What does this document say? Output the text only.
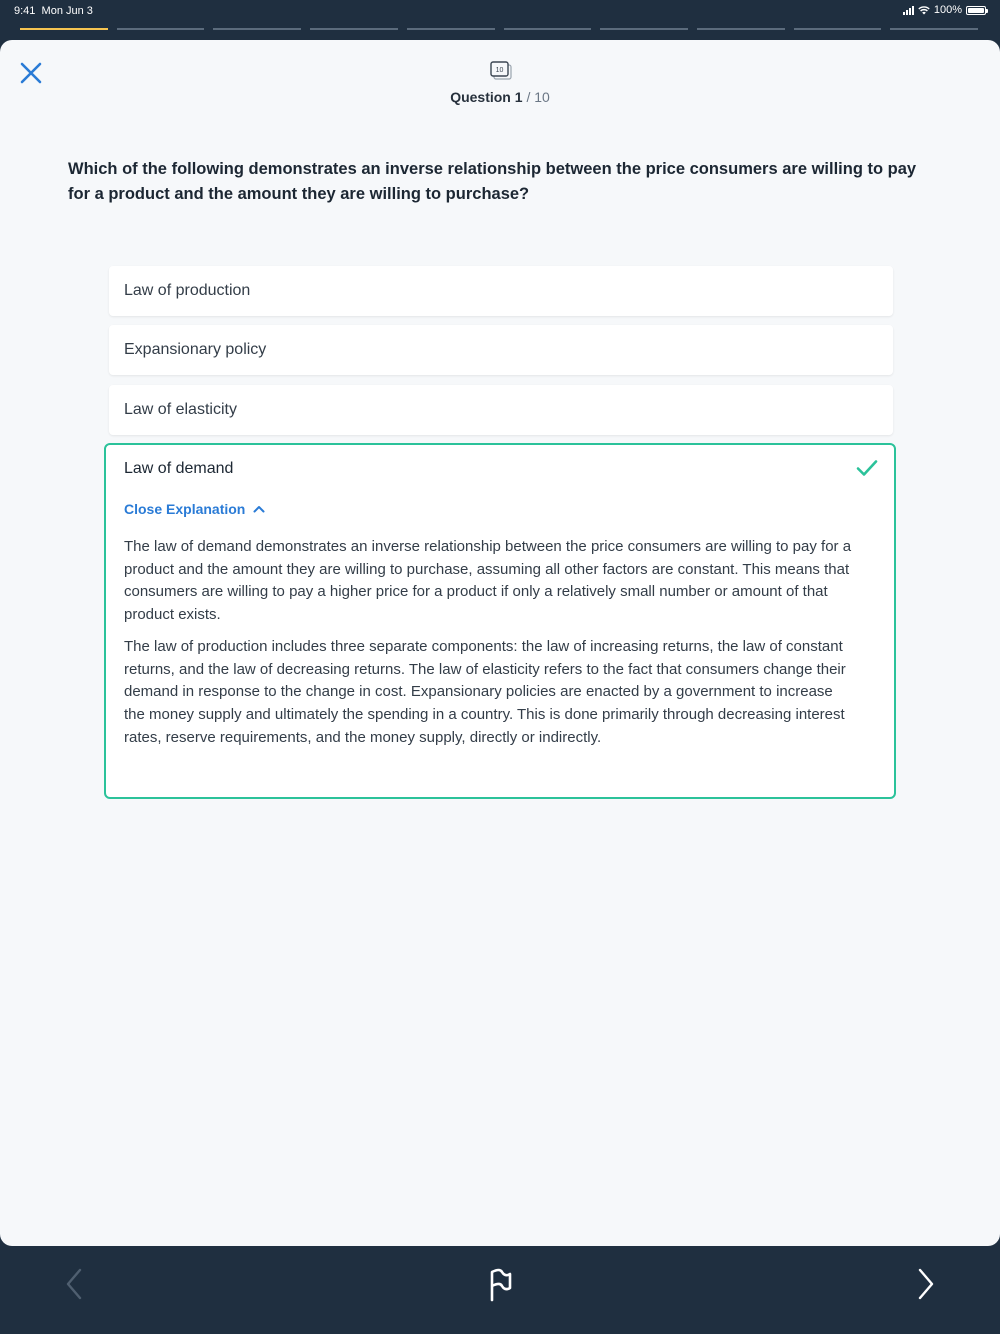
9:41 Mon Jun 3	100%
10
Question 1 / 10
Which of the following demonstrates an inverse relationship between the price consumers are willing to pay for a product and the amount they are willing to purchase?
Law of production
Expansionary policy
Law of elasticity
Law of demand
Close Explanation

The law of demand demonstrates an inverse relationship between the price consumers are willing to pay for a product and the amount they are willing to purchase, assuming all other factors are constant. This means that consumers are willing to pay a higher price for a product if only a relatively small number or amount of that product exists.

The law of production includes three separate components: the law of increasing returns, the law of constant returns, and the law of decreasing returns. The law of elasticity refers to the fact that consumers change their demand in response to the change in cost. Expansionary policies are enacted by a government to increase the money supply and ultimately the spending in a country. This is done primarily through decreasing interest rates, reserve requirements, and the money supply, directly or indirectly.
